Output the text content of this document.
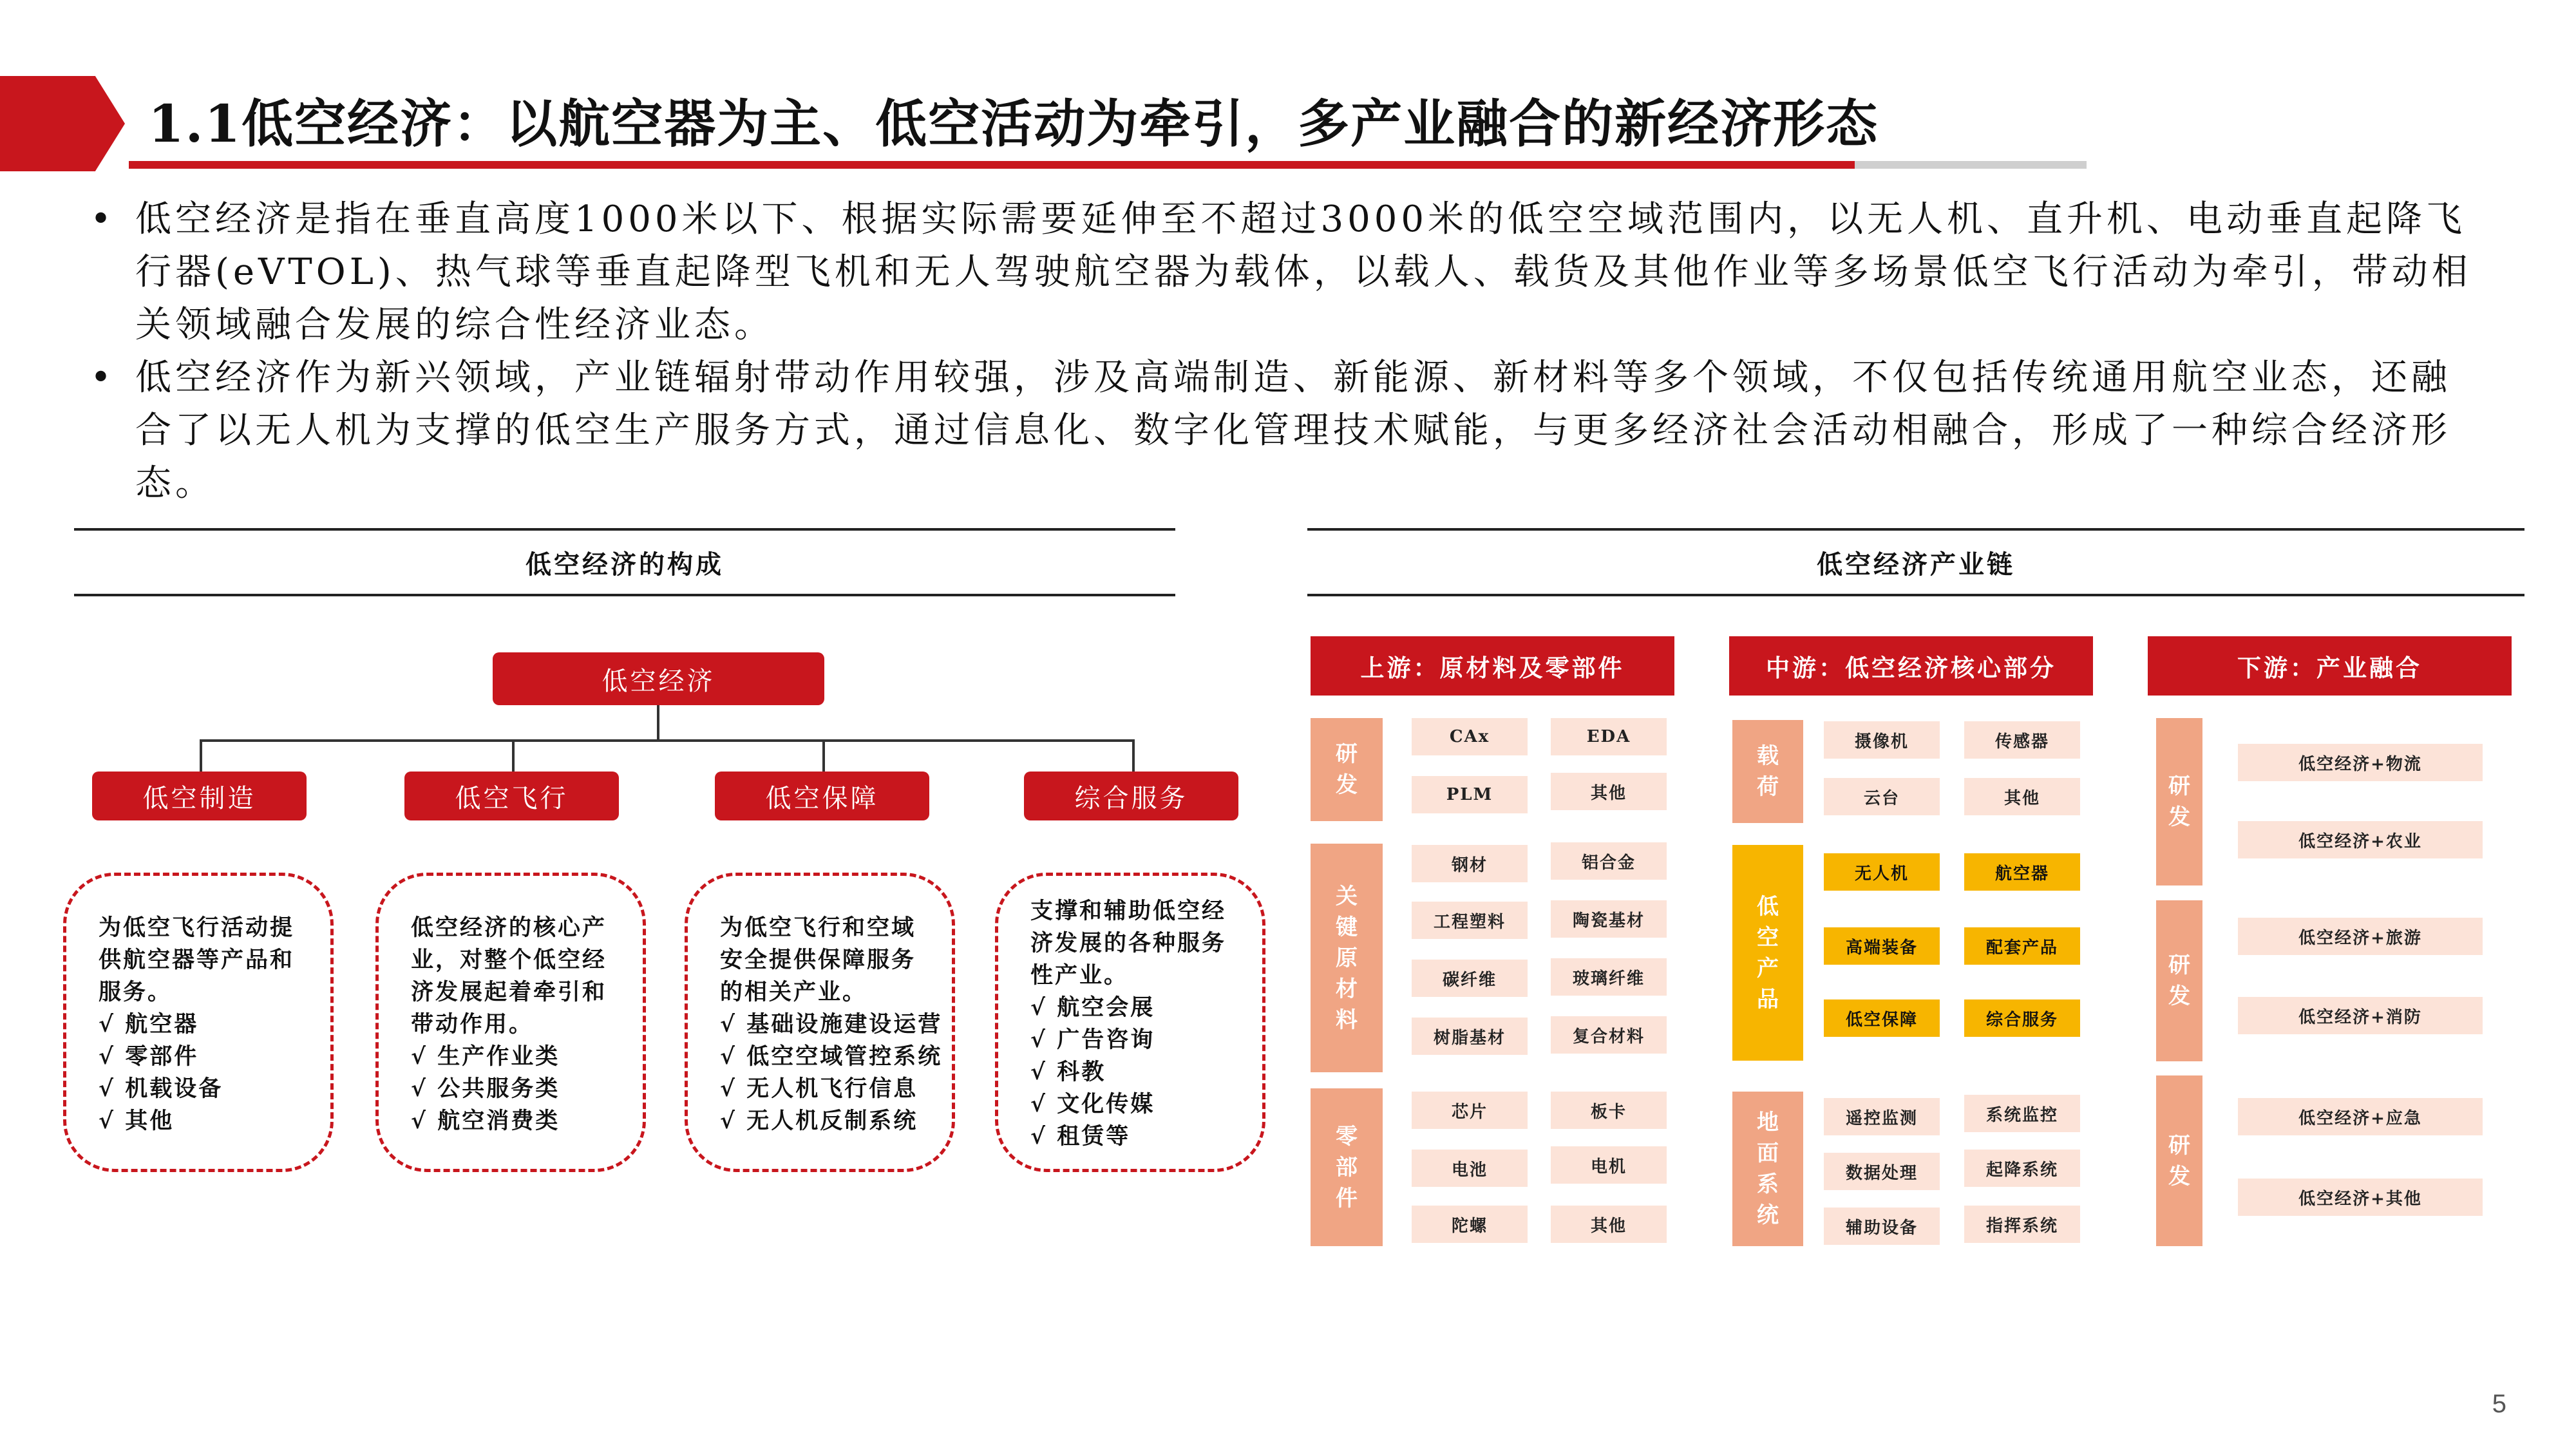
1.1低空经济：以航空器为主、低空活动为牵引，多产业融合的新经济形态
• 低空经济是指在垂直高度1000米以下、根据实际需要延伸至不超过3000米的低空空域范围内，以无人机、直升机、电动垂直起降飞行器(eVTOL)、热气球等垂直起降型飞机和无人驾驶航空器为载体，以载人、载货及其他作业等多场景低空飞行活动为牵引，带动相关领域融合发展的综合性经济业态。
• 低空经济作为新兴领域，产业链辐射带动作用较强，涉及高端制造、新能源、新材料等多个领域，不仅包括传统通用航空业态，还融合了以无人机为支撑的低空生产服务方式，通过信息化、数字化管理技术赋能，与更多经济社会活动相融合，形成了一种综合经济形态。
低空经济的构成
低空经济
低空制造	低空飞行	低空保障	综合服务
为低空飞行活动提供航空器等产品和服务。
√ 航空器
√ 零部件
√ 机载设备
√ 其他
低空经济的核心产业，对整个低空经济发展起着牵引和带动作用。
√ 生产作业类
√ 公共服务类
√ 航空消费类
为低空飞行和空域安全提供保障服务的相关产业。
√ 基础设施建设运营
√ 低空空域管控系统
√ 无人机飞行信息
√ 无人机反制系统
支撑和辅助低空经济发展的各种服务性产业。
√ 航空会展
√ 广告咨询
√ 科教
√ 文化传媒
√ 租赁等
低空经济产业链
上游：原材料及零部件
研发
CAx	EDA
PLM	其他
关键原材料
钢材	铝合金
工程塑料	陶瓷基材
碳纤维	玻璃纤维
树脂基材	复合材料
零部件
芯片	板卡
电池	电机
陀螺	其他
中游：低空经济核心部分
载荷
摄像机	传感器
云台	其他
低空产品
无人机	航空器
高端装备	配套产品
低空保障	综合服务
地面系统
遥控监测	系统监控
数据处理	起降系统
辅助设备	指挥系统
下游：产业融合
研发
低空经济+物流
低空经济+农业
研发
低空经济+旅游
低空经济+消防
研发
低空经济+应急
低空经济+其他
5
